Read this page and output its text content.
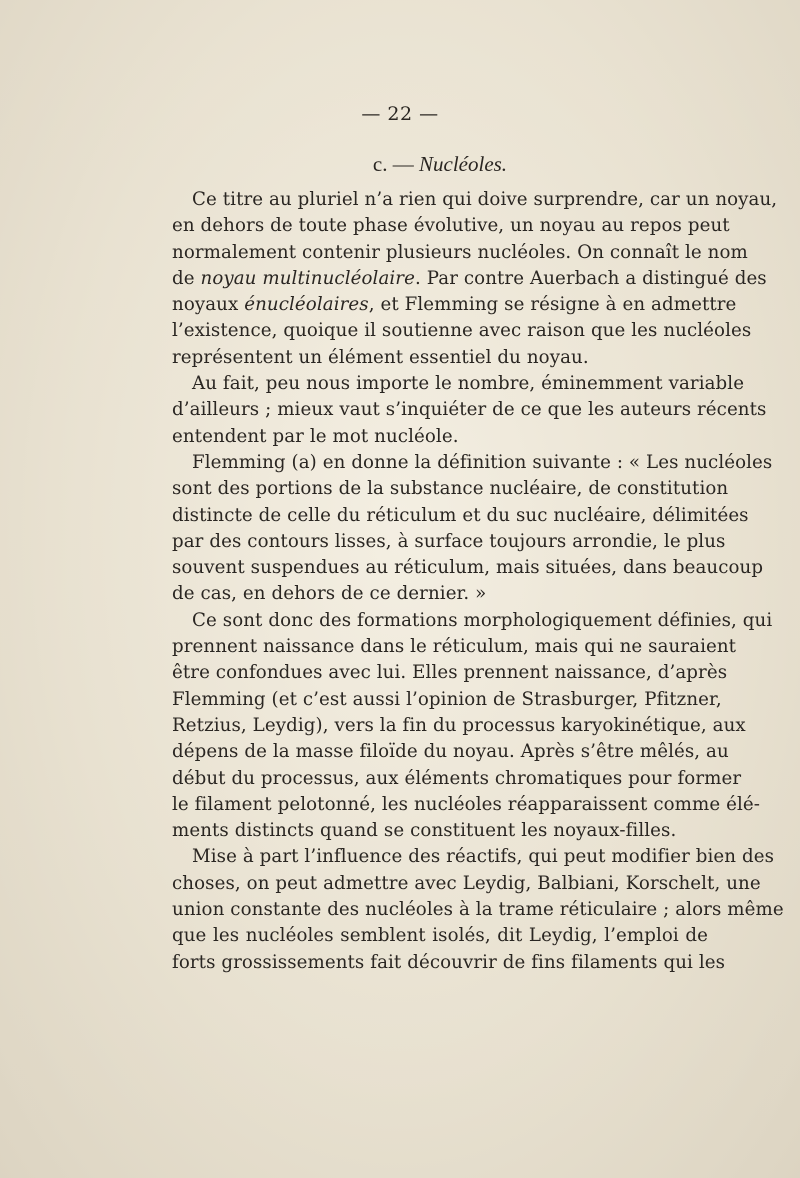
— 22 —
c. — Nucléoles.
Ce titre au pluriel n’a rien qui doive surprendre, car un noyau,
en dehors de toute phase évolutive, un noyau au repos peut
normalement contenir plusieurs nucléoles. On connaît le nom
de noyau multinucléolaire. Par contre Auerbach a distingué des
noyaux énucléolaires, et Flemming se résigne à en admettre
l’existence, quoique il soutienne avec raison que les nucléoles
représentent un élément essentiel du noyau.
Au fait, peu nous importe le nombre, éminemment variable
d’ailleurs ; mieux vaut s’inquiéter de ce que les auteurs récents
entendent par le mot nucléole.
Flemming (a) en donne la définition suivante : « Les nucléoles
sont des portions de la substance nucléaire, de constitution
distincte de celle du réticulum et du suc nucléaire, délimitées
par des contours lisses, à surface toujours arrondie, le plus
souvent suspendues au réticulum, mais situées, dans beaucoup
de cas, en dehors de ce dernier. »
Ce sont donc des formations morphologiquement définies, qui
prennent naissance dans le réticulum, mais qui ne sauraient
être confondues avec lui. Elles prennent naissance, d’après
Flemming (et c’est aussi l’opinion de Strasburger, Pfitzner,
Retzius, Leydig), vers la fin du processus karyokinétique, aux
dépens de la masse filoïde du noyau. Après s’être mêlés, au
début du processus, aux éléments chromatiques pour former
le filament pelotonné, les nucléoles réapparaissent comme élé-
ments distincts quand se constituent les noyaux-filles.
Mise à part l’influence des réactifs, qui peut modifier bien des
choses, on peut admettre avec Leydig, Balbiani, Korschelt, une
union constante des nucléoles à la trame réticulaire ; alors même
que les nucléoles semblent isolés, dit Leydig, l’emploi de
forts grossissements fait découvrir de fins filaments qui les
